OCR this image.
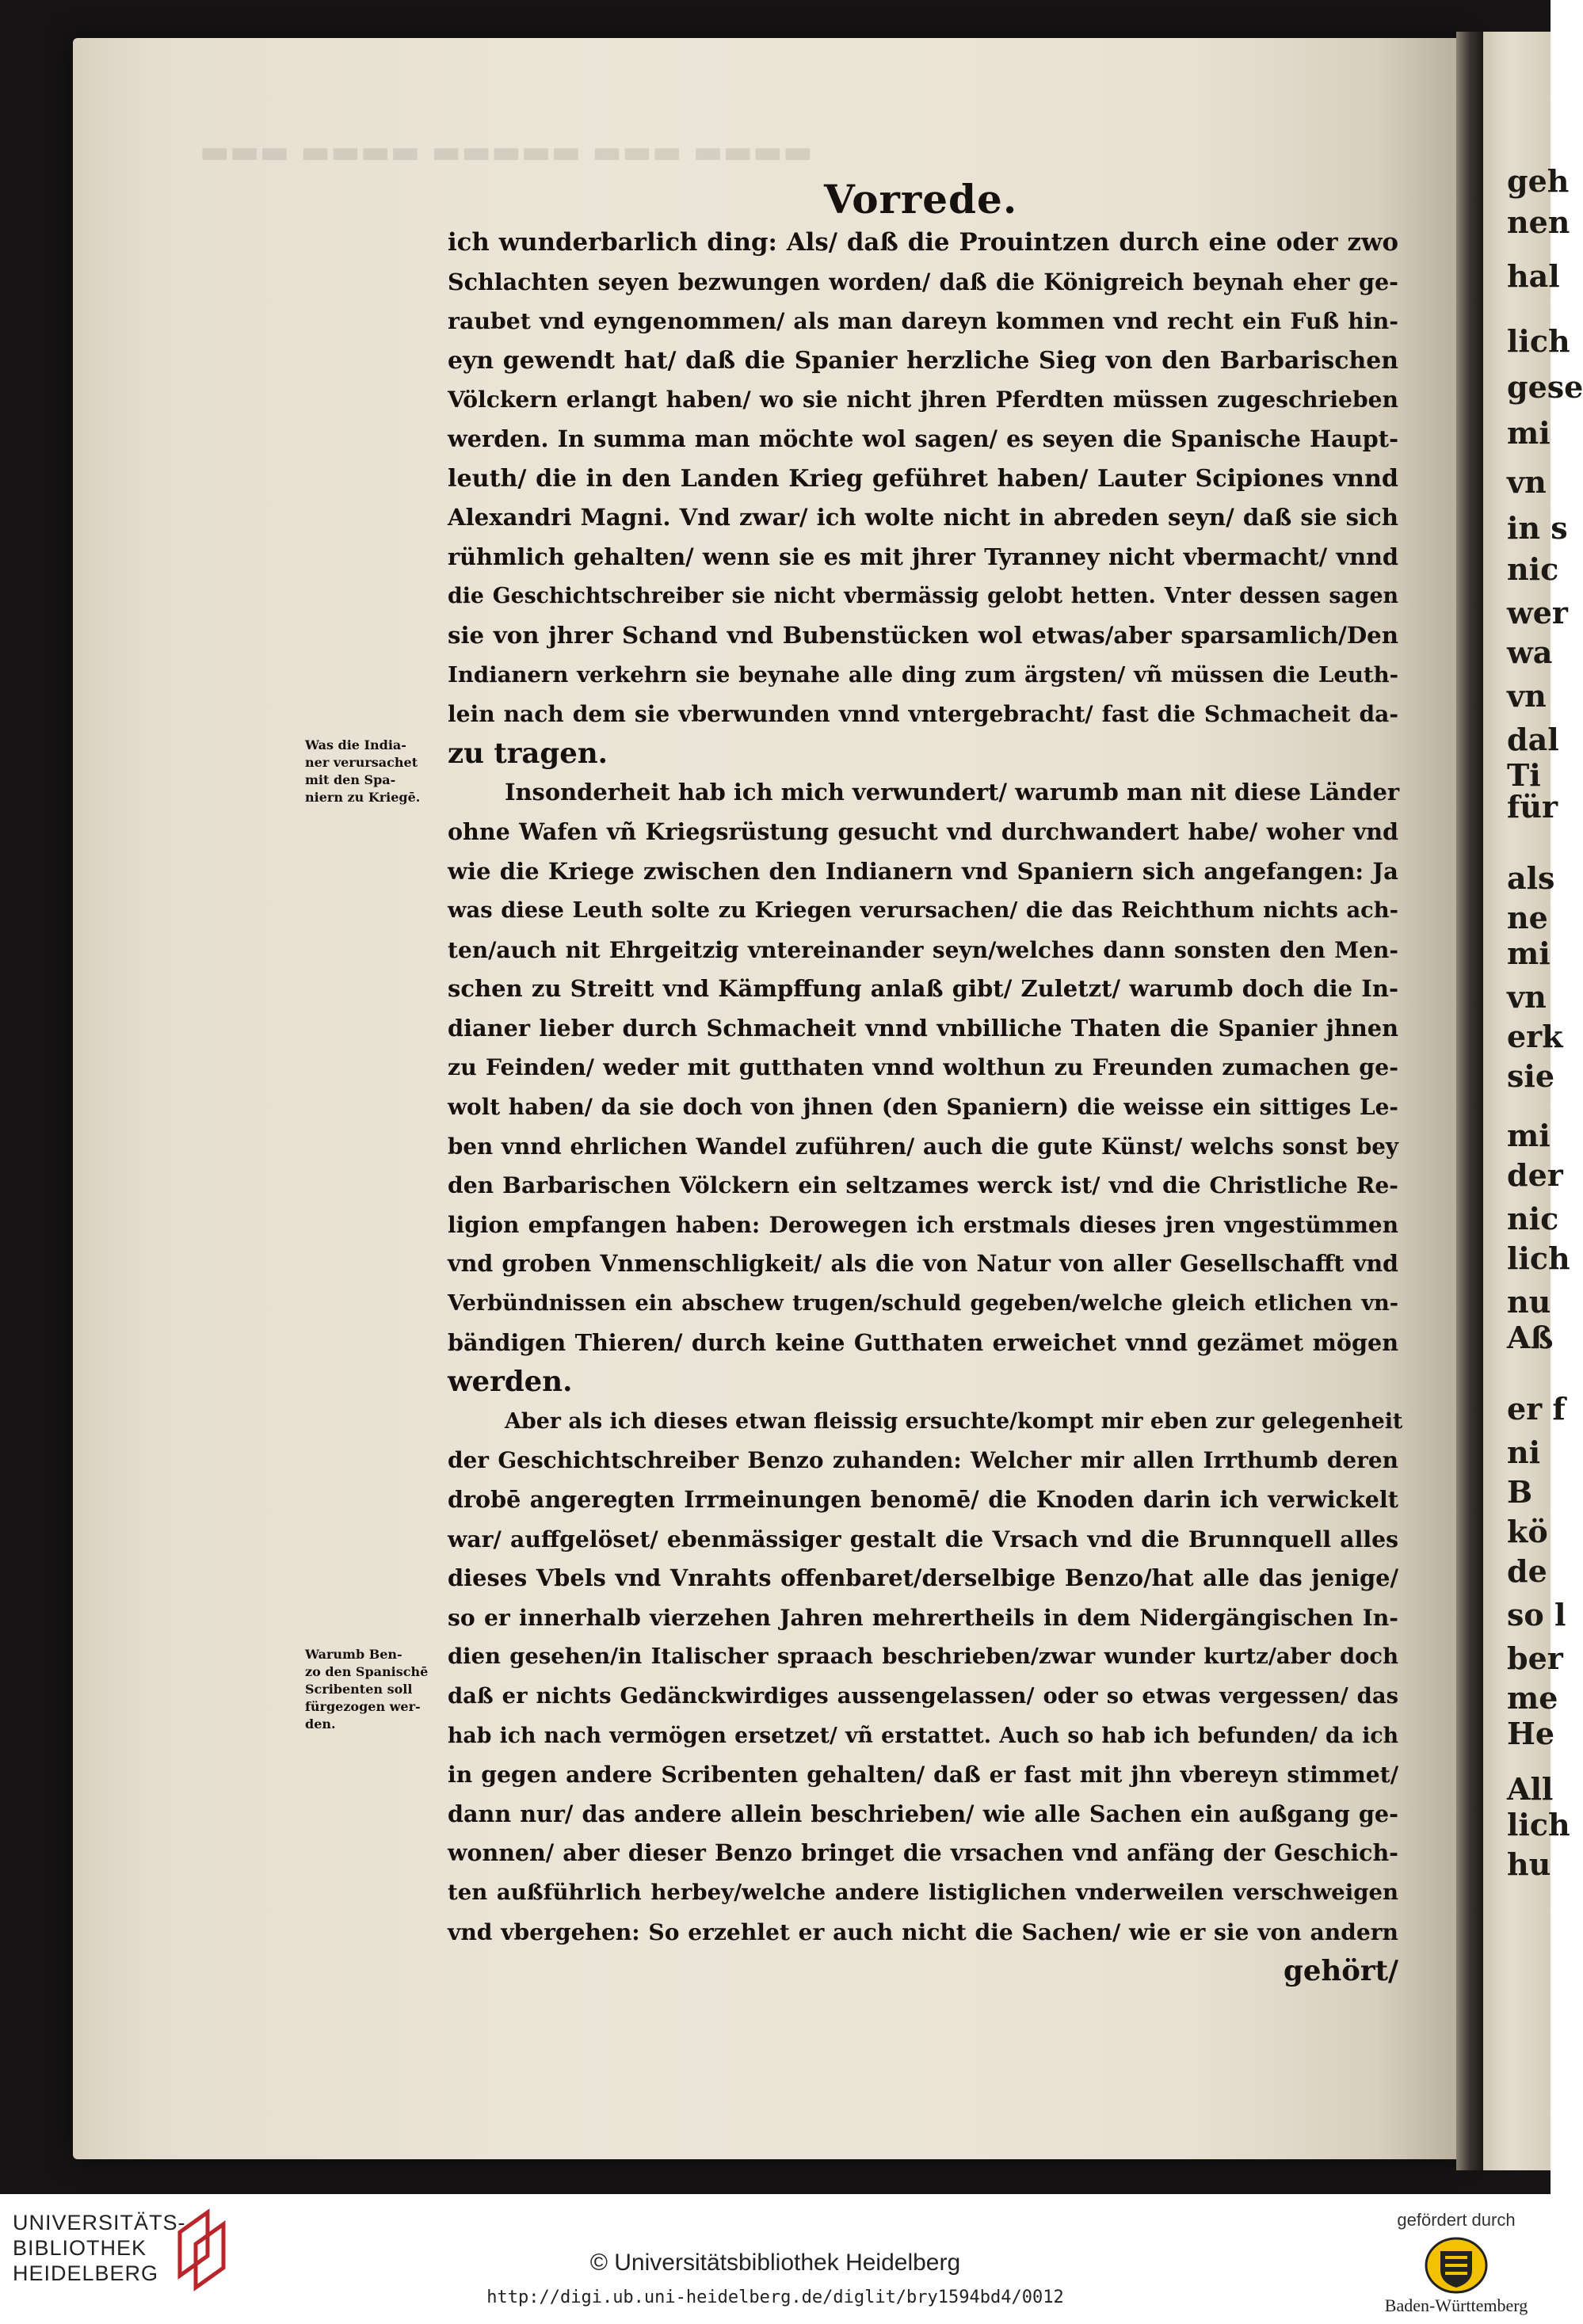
▬▬▬ ▬▬▬▬ ▬▬▬▬▬ ▬▬▬ ▬▬▬▬
geh
nen
hal
lich
gese
mi
vn
in s
nic
wer
wa
vn
dal
Ti
für
als
ne
mi
vn
erk
sie
mi
der
nic
lich
nu
Aß
er f
ni
B
kö
de
so l
ber
me
He
All
lich
hu
Vorrede.
ich wunderbarlich ding: Als/ daß die Prouintzen durch eine oder zwo
Schlachten seyen bezwungen worden/ daß die Königreich beynah eher ge-
raubet vnd eyngenommen/ als man dareyn kommen vnd recht ein Fuß hin-
eyn gewendt hat/ daß die Spanier herzliche Sieg von den Barbarischen
Völckern erlangt haben/ wo sie nicht jhren Pferdten müssen zugeschrieben
werden. In summa man möchte wol sagen/ es seyen die Spanische Haupt-
leuth/ die in den Landen Krieg geführet haben/ Lauter Scipiones vnnd
Alexandri Magni. Vnd zwar/ ich wolte nicht in abreden seyn/ daß sie sich
rühmlich gehalten/ wenn sie es mit jhrer Tyranney nicht vbermacht/ vnnd
die Geschichtschreiber sie nicht vbermässig gelobt hetten. Vnter dessen sagen
sie von jhrer Schand vnd Bubenstücken wol etwas/aber sparsamlich/Den
Indianern verkehrn sie beynahe alle ding zum ärgsten/ vñ müssen die Leuth-
lein nach dem sie vberwunden vnnd vntergebracht/ fast die Schmacheit da-
zu tragen.
Insonderheit hab ich mich verwundert/ warumb man nit diese Länder
ohne Wafen vñ Kriegsrüstung gesucht vnd durchwandert habe/ woher vnd
wie die Kriege zwischen den Indianern vnd Spaniern sich angefangen: Ja
was diese Leuth solte zu Kriegen verursachen/ die das Reichthum nichts ach-
ten/auch nit Ehrgeitzig vntereinander seyn/welches dann sonsten den Men-
schen zu Streitt vnd Kämpffung anlaß gibt/ Zuletzt/ warumb doch die In-
dianer lieber durch Schmacheit vnnd vnbilliche Thaten die Spanier jhnen
zu Feinden/ weder mit gutthaten vnnd wolthun zu Freunden zumachen ge-
wolt haben/ da sie doch von jhnen (den Spaniern) die weisse ein sittiges Le-
ben vnnd ehrlichen Wandel zuführen/ auch die gute Künst/ welchs sonst bey
den Barbarischen Völckern ein seltzames werck ist/ vnd die Christliche Re-
ligion empfangen haben: Derowegen ich erstmals dieses jren vngestümmen
vnd groben Vnmenschligkeit/ als die von Natur von aller Gesellschafft vnd
Verbündnissen ein abschew trugen/schuld gegeben/welche gleich etlichen vn-
bändigen Thieren/ durch keine Gutthaten erweichet vnnd gezämet mögen
werden.
Aber als ich dieses etwan fleissig ersuchte/kompt mir eben zur gelegenheit
der Geschichtschreiber Benzo zuhanden: Welcher mir allen Irrthumb deren
drobē angeregten Irrmeinungen benomē/ die Knoden darin ich verwickelt
war/ auffgelöset/ ebenmässiger gestalt die Vrsach vnd die Brunnquell alles
dieses Vbels vnd Vnrahts offenbaret/derselbige Benzo/hat alle das jenige/
so er innerhalb vierzehen Jahren mehrertheils in dem Nidergängischen In-
dien gesehen/in Italischer spraach beschrieben/zwar wunder kurtz/aber doch
daß er nichts Gedänckwirdiges aussengelassen/ oder so etwas vergessen/ das
hab ich nach vermögen ersetzet/ vñ erstattet. Auch so hab ich befunden/ da ich
in gegen andere Scribenten gehalten/ daß er fast mit jhn vbereyn stimmet/
dann nur/ das andere allein beschrieben/ wie alle Sachen ein außgang ge-
wonnen/ aber dieser Benzo bringet die vrsachen vnd anfäng der Geschich-
ten außführlich herbey/welche andere listiglichen vnderweilen verschweigen
vnd vbergehen: So erzehlet er auch nicht die Sachen/ wie er sie von andern
gehört/
Was die India-
ner verursachet
mit den Spa-
niern zu Kriegē.
Warumb Ben-
zo den Spanischē
Scribenten soll
fürgezogen wer-
den.
UNIVERSITÄTS-
BIBLIOTHEK
HEIDELBERG	© Universitätsbibliothek Heidelberg
http://digi.ub.uni-heidelberg.de/diglit/bry1594bd4/0012
gefördert durch
Baden-Württemberg
